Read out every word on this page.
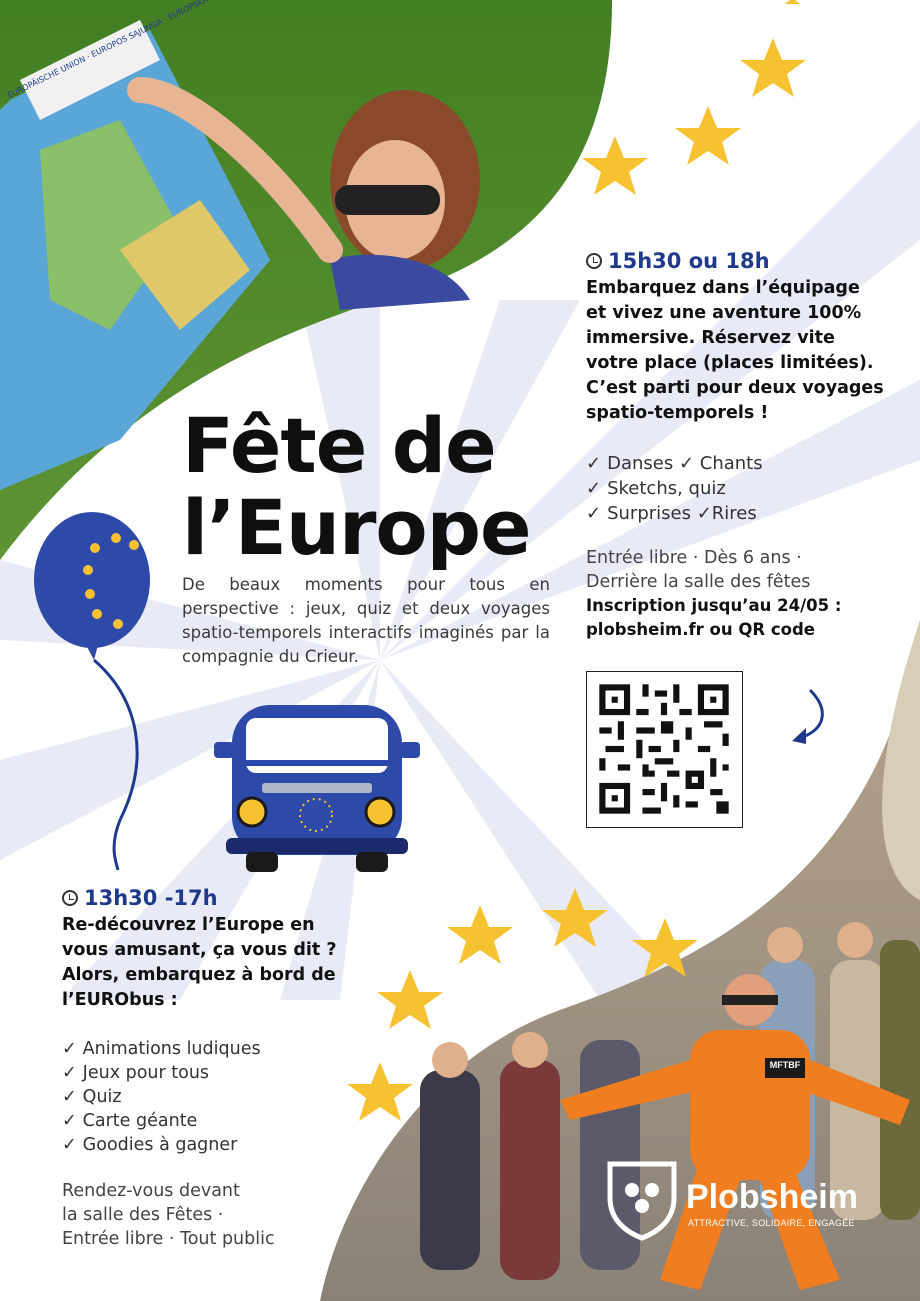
Fête de
l’Europe

De beaux moments pour tous en perspective : jeux, quiz et deux voyages spatio-temporels interactifs imaginés par la compagnie du Crieur.

15h30 ou 18h

Embarquez dans l’équipage et vivez une aventure 100% immersive. Réservez vite votre place (places limitées). C’est parti pour deux voyages spatio-temporels !

✓ Danses ✓ Chants
✓ Sketchs, quiz
✓ Surprises ✓Rires

Entrée libre · Dès 6 ans ·

Derrière la salle des fêtes

Inscription jusqu’au 24/05 :

plobsheim.fr ou QR code

13h30 -17h

Re-découvrez l’Europe en vous amusant, ça vous dit ? Alors, embarquez à bord de l’EURObus :

✓ Animations ludiques
✓ Jeux pour tous
✓ Quiz
✓ Carte géante
✓ Goodies à gagner

Rendez-vous devant

la salle des Fêtes ·

Entrée libre · Tout public

EUROPÄISCHE UNION · EUROPOS SĄJUNGA · EUROPSKA
MFTBF
Plobsheim
ATTRACTIVE, SOLIDAIRE, ENGAGÉE
